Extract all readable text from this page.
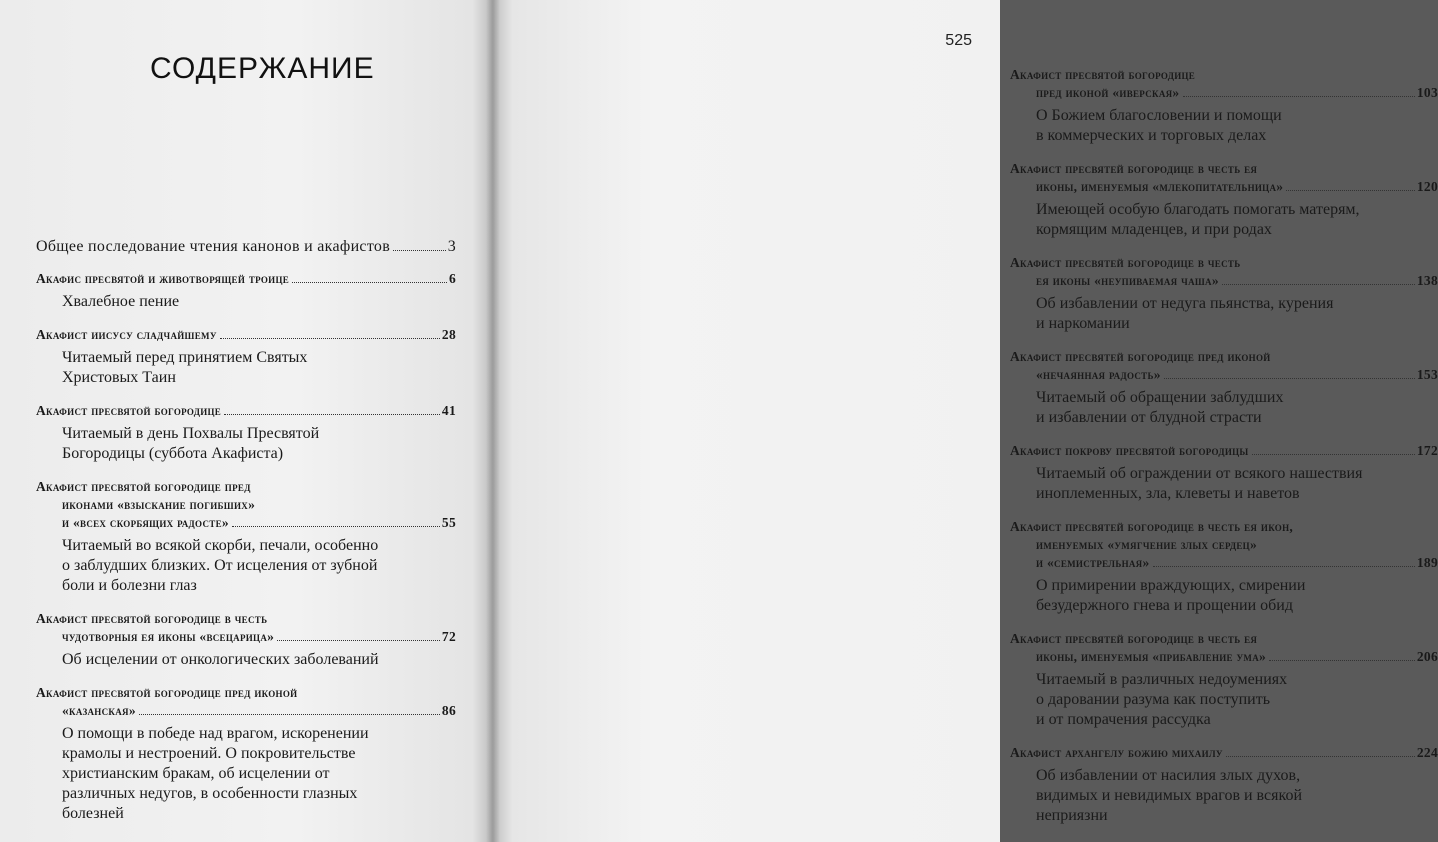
СОДЕРЖАНИЕ
Общее последование чтения канонов и акафистов	3
Акафис пресвятой и животворящей троице	6
Хвалебное пение
Акафист иисусу сладчайшему	28
Читаемый перед принятием Святых
Христовых Таин
Акафист пресвятой богородице	41
Читаемый в день Похвалы Пресвятой
Богородицы (суббота Акафиста)
Акафист пресвятой богородице пред
иконами «взыскание погибших»
и «всех скорбящих радосте»	55
Читаемый во всякой скорби, печали, особенно
о заблудших близких. От исцеления от зубной
боли и болезни глаз
Акафист пресвятой богородице в честь
чудотворныя ея иконы «всецарица»	72
Об исцелении от онкологических заболеваний
Акафист пресвятой богородице пред иконой
«казанская»	86
О помощи в победе над врагом, искоренении
крамолы и нестроений. О покровительстве
христианским бракам, об исцелении от
различных недугов, в особенности глазных
болезней
525
Акафист пресвятой богородице
пред иконой «иверская»	103
О Божием благословении и помощи
в коммерческих и торговых делах
Акафист пресвятей богородице в честь ея
иконы, именуемыя «млекопитательница»	120
Имеющей особую благодать помогать матерям,
кормящим младенцев, и при родах
Акафист пресвятей богородице в честь
ея иконы «неупиваемая чаша»	138
Об избавлении от недуга пьянства, курения
и наркомании
Акафист пресвятей богородице пред иконой
«нечаянная радость»	153
Читаемый об обращении заблудших
и избавлении от блудной страсти
Акафист покрову пресвятой богородицы	172
Читаемый об ограждении от всякого нашествия
иноплеменных, зла, клеветы и наветов
Акафист пресвятей богородице в честь ея икон,
именуемых «умягчение злых сердец»
и «семистрельная»	189
О примирении враждующих, смирении
безудержного гнева и прощении обид
Акафист пресвятей богородице в честь ея
иконы, именуемыя «прибавление ума»	206
Читаемый в различных недоумениях
о даровании разума как поступить
и от помрачения рассудка
Акафист архангелу божию михаилу	224
Об избавлении от насилия злых духов,
видимых и невидимых врагов и всякой
неприязни
